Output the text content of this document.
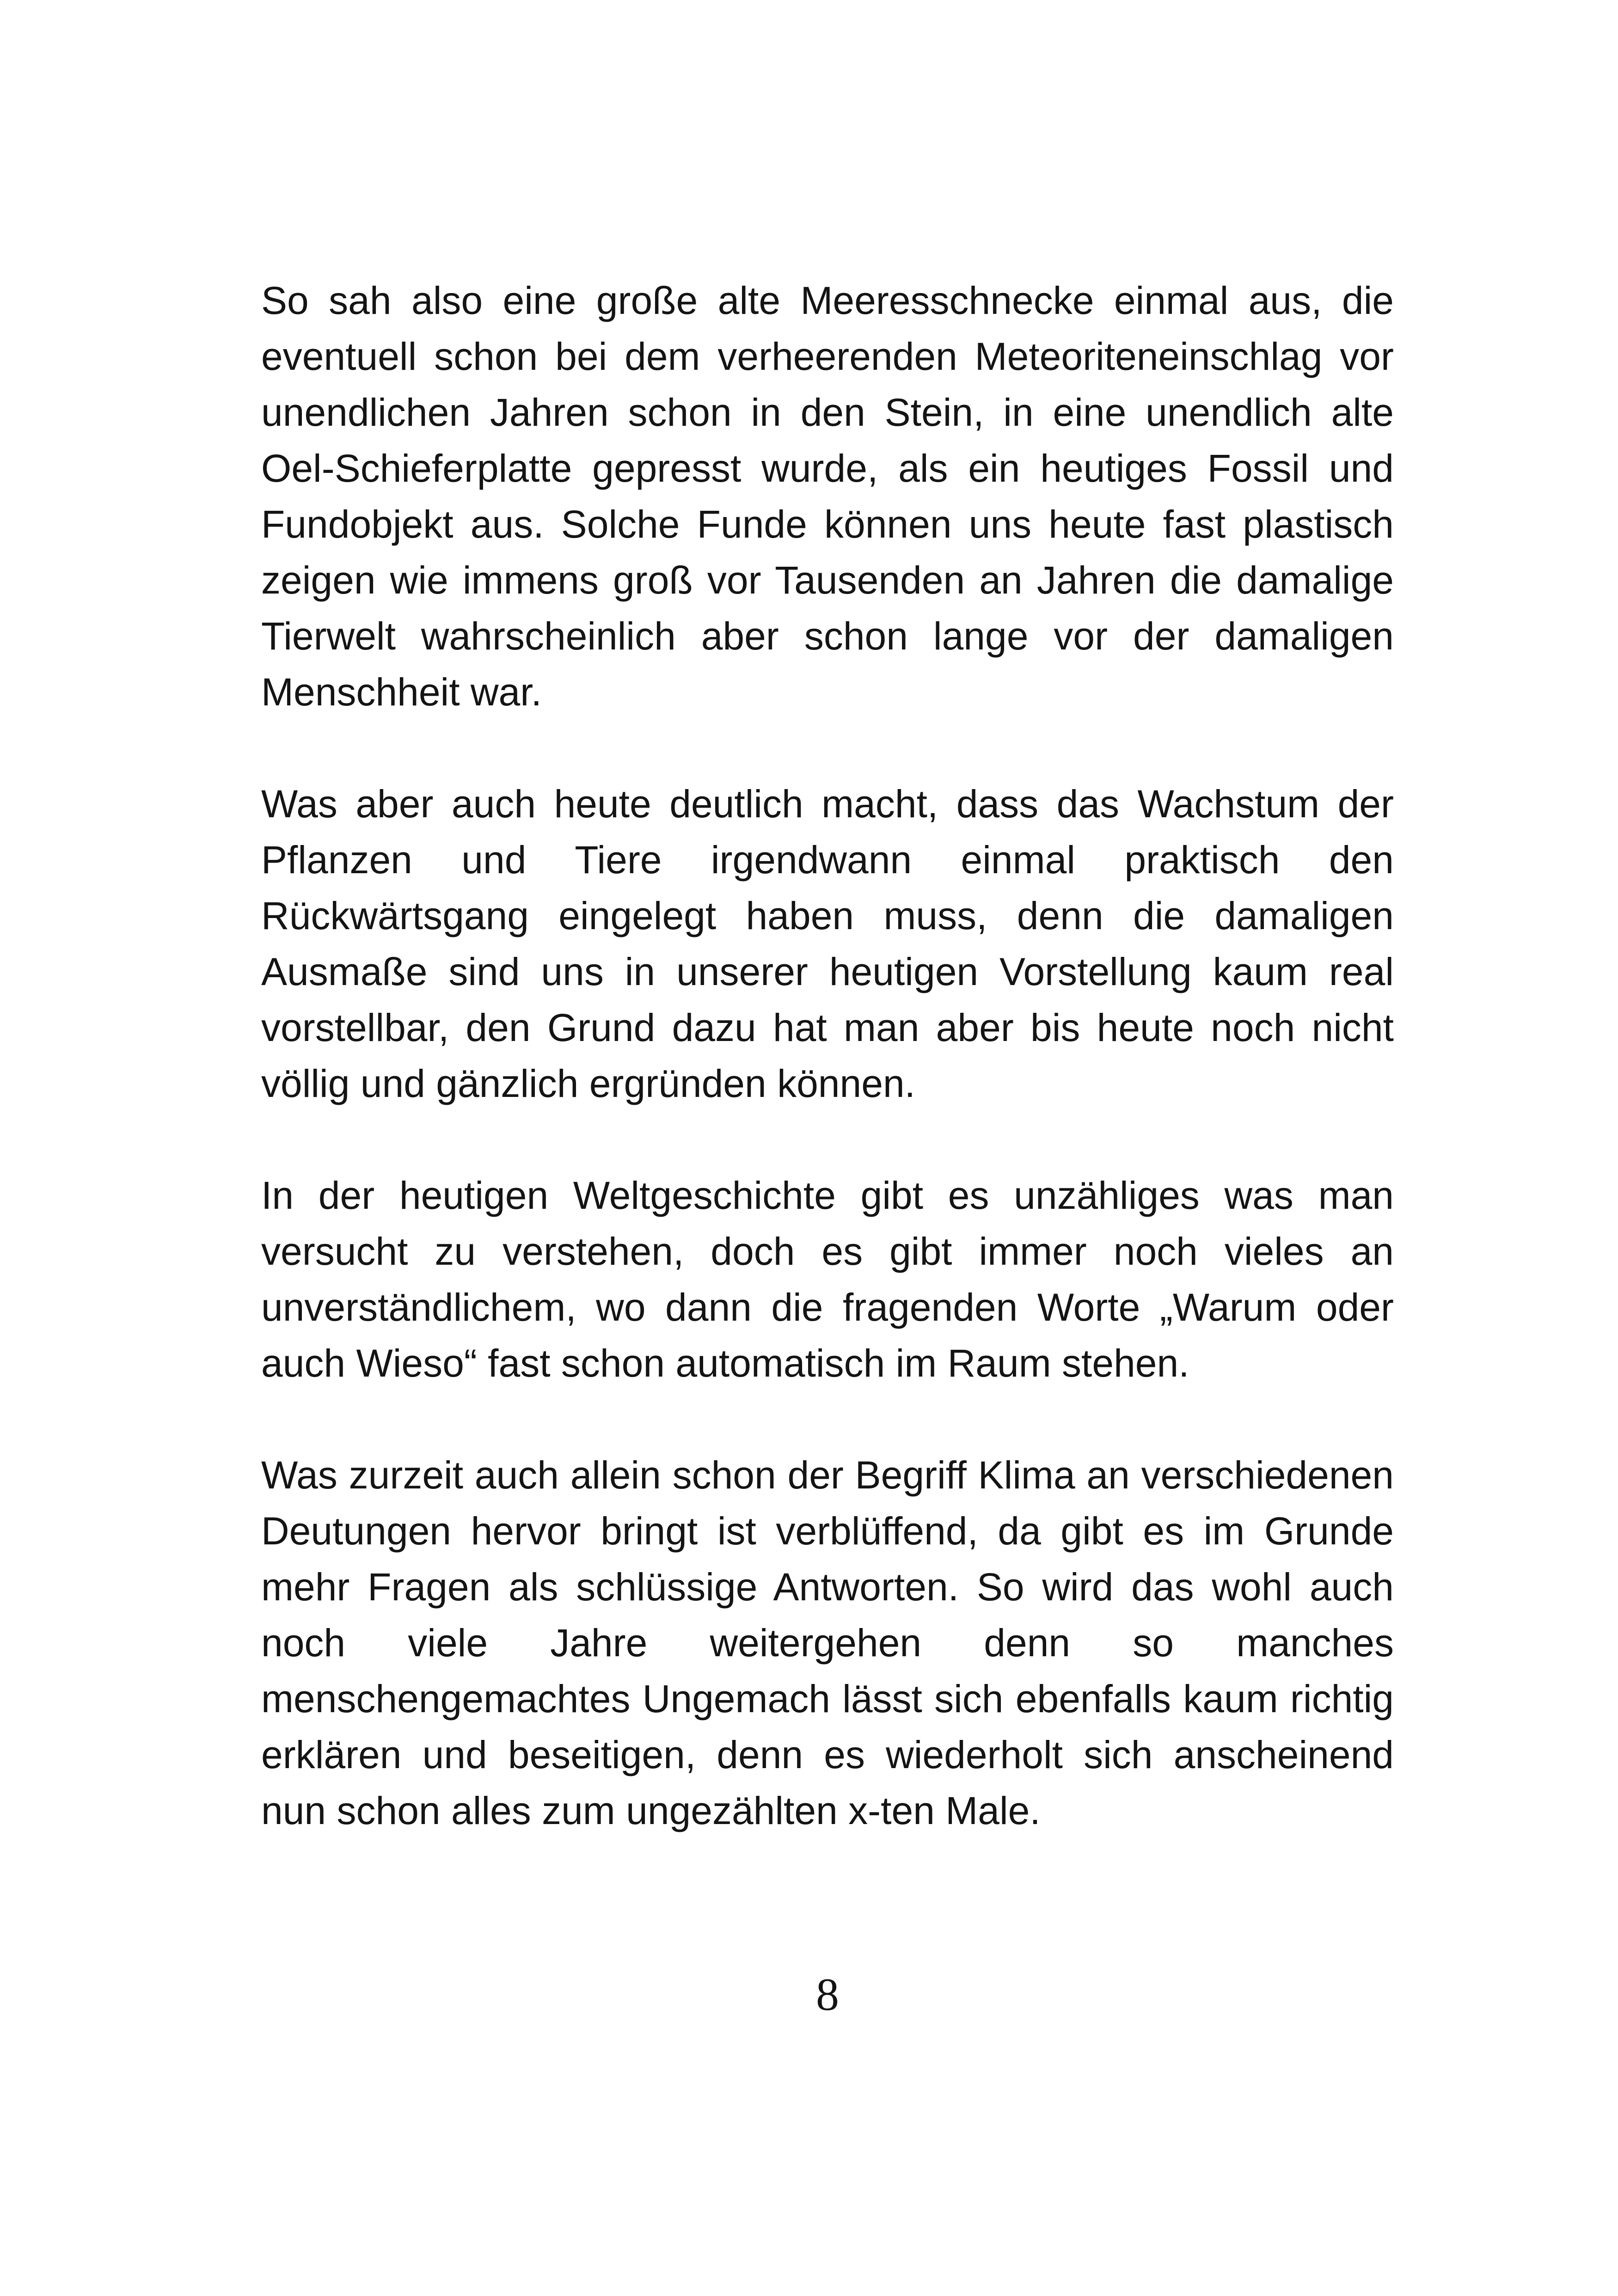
So sah also eine große alte Meeresschnecke einmal aus, die eventuell schon bei dem verheerenden Meteoriteneinschlag vor unendlichen Jahren schon in den Stein, in eine unendlich alte Oel-Schieferplatte gepresst wurde, als ein heutiges Fossil und Fundobjekt aus. Solche Funde können uns heute fast plastisch zeigen wie immens groß vor Tausenden an Jahren die damalige Tierwelt wahrscheinlich aber schon lange vor der damaligen Menschheit war.

Was aber auch heute deutlich macht, dass das Wachstum der Pflanzen und Tiere irgendwann einmal praktisch den Rückwärtsgang eingelegt haben muss, denn die damaligen Ausmaße sind uns in unserer heutigen Vorstellung kaum real vorstellbar, den Grund dazu hat man aber bis heute noch nicht völlig und gänzlich ergründen können.

In der heutigen Weltgeschichte gibt es unzähliges was man versucht zu verstehen, doch es gibt immer noch vieles an unverständlichem, wo dann die fragenden Worte „Warum oder auch Wieso“ fast schon automatisch im Raum stehen.

Was zurzeit auch allein schon der Begriff Klima an verschiedenen Deutungen hervor bringt ist verblüffend, da gibt es im Grunde mehr Fragen als schlüssige Antworten. So wird das wohl auch noch viele Jahre weitergehen denn so manches menschengemachtes Ungemach lässt sich ebenfalls kaum richtig erklären und beseitigen, denn es wiederholt sich anscheinend nun schon alles zum ungezählten x-ten Male.

8
